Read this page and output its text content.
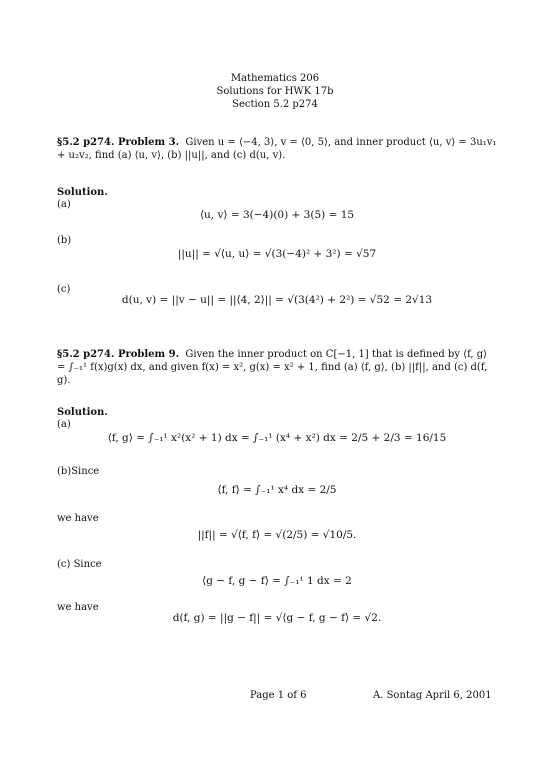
Mathematics 206
Solutions for HWK 17b
Section 5.2 p274
§5.2 p274. Problem 3. Given u = ⟨−4, 3⟩, v = ⟨0, 5⟩, and inner product ⟨u, v⟩ = 3u₁v₁ + u₂v₂, find (a) ⟨u, v⟩, (b) ||u||, and (c) d(u, v).
Solution.
(a)
⟨u, v⟩ = 3(−4)(0) + 3(5) = 15
(b)
||u|| = √⟨u, u⟩ = √(3(−4)² + 3²) = √57
(c)
d(u, v) = ||v − u|| = ||⟨4, 2⟩|| = √(3(4²) + 2²) = √52 = 2√13
§5.2 p274. Problem 9. Given the inner product on C[−1, 1] that is defined by ⟨f, g⟩ = ∫₋₁¹ f(x)g(x) dx, and given f(x) = x², g(x) = x² + 1, find (a) ⟨f, g⟩, (b) ||f||, and (c) d(f, g).
Solution.
(a)
⟨f, g⟩ = ∫₋₁¹ x²(x² + 1) dx = ∫₋₁¹ (x⁴ + x²) dx = 2/5 + 2/3 = 16/15
(b)Since
⟨f, f⟩ = ∫₋₁¹ x⁴ dx = 2/5
we have
||f|| = √⟨f, f⟩ = √(2/5) = √10/5.
(c) Since
⟨g − f, g − f⟩ = ∫₋₁¹ 1 dx = 2
we have
d(f, g) = ||g − f|| = √⟨g − f, g − f⟩ = √2.
Page 1 of 6	A. Sontag April 6, 2001
